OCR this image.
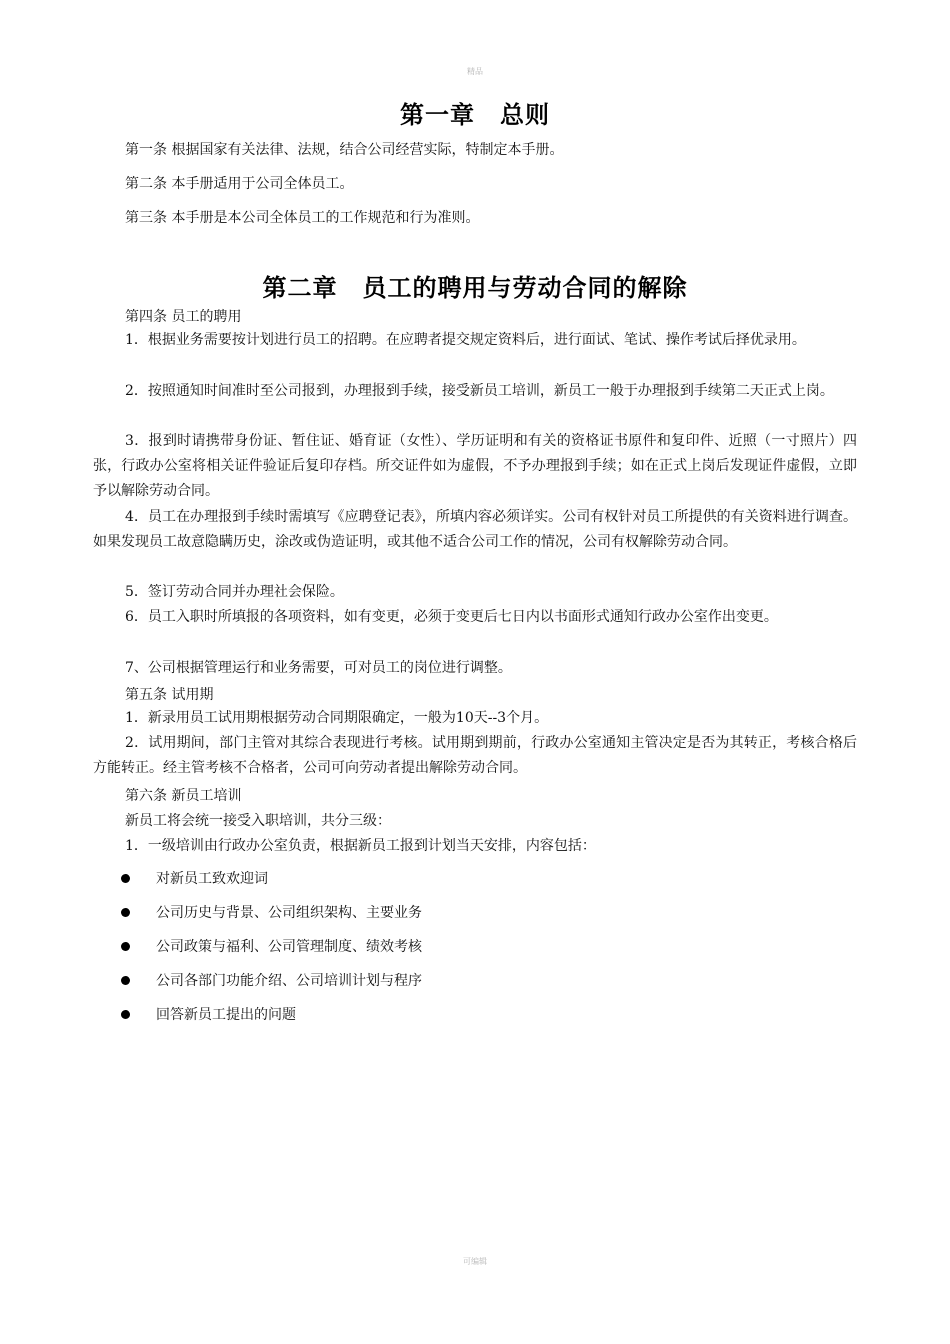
精品
第一章　总则
第一条 根据国家有关法律、法规，结合公司经营实际，特制定本手册。
第二条 本手册适用于公司全体员工。
第三条 本手册是本公司全体员工的工作规范和行为准则。
第二章　员工的聘用与劳动合同的解除
第四条 员工的聘用
1．根据业务需要按计划进行员工的招聘。在应聘者提交规定资料后，进行面试、笔试、操作考试后择优录用。
2．按照通知时间准时至公司报到，办理报到手续，接受新员工培训，新员工一般于办理报到手续第二天正式上岗。
3．报到时请携带身份证、暂住证、婚育证（女性）、学历证明和有关的资格证书原件和复印件、近照（一寸照片）四张，行政办公室将相关证件验证后复印存档。所交证件如为虚假，不予办理报到手续；如在正式上岗后发现证件虚假，立即予以解除劳动合同。
4．员工在办理报到手续时需填写《应聘登记表》，所填内容必须详实。公司有权针对员工所提供的有关资料进行调查。如果发现员工故意隐瞒历史，涂改或伪造证明，或其他不适合公司工作的情况，公司有权解除劳动合同。
5．签订劳动合同并办理社会保险。
6．员工入职时所填报的各项资料，如有变更，必须于变更后七日内以书面形式通知行政办公室作出变更。
7、公司根据管理运行和业务需要，可对员工的岗位进行调整。
第五条 试用期
1．新录用员工试用期根据劳动合同期限确定，一般为10天--3个月。
2．试用期间，部门主管对其综合表现进行考核。试用期到期前，行政办公室通知主管决定是否为其转正，考核合格后方能转正。经主管考核不合格者，公司可向劳动者提出解除劳动合同。
第六条 新员工培训
新员工将会统一接受入职培训，共分三级：
1．一级培训由行政办公室负责，根据新员工报到计划当天安排，内容包括：
对新员工致欢迎词
公司历史与背景、公司组织架构、主要业务
公司政策与福利、公司管理制度、绩效考核
公司各部门功能介绍、公司培训计划与程序
回答新员工提出的问题
可编辑
